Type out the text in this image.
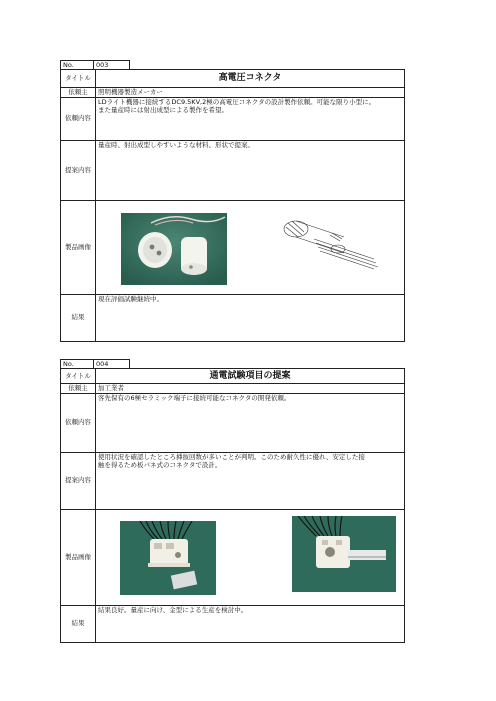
No.	003
タイトル	高電圧コネクタ
依頼主	照明機器製造メーカー
依頼内容	LDライト機器に接続するDC9.5KV,2極の高電圧コネクタの設計製作依頼。可能な限り小型に。
また量産時には射出成型による製作を希望。

提案内容	量産時、射出成型しやすいような材料、形状で提案。

製品画像	

結果	現在評価試験継続中。
No.	004
タイトル	通電試験項目の提案
依頼主	加工業者
依頼内容	客先保有の6極セラミック端子に接続可能なコネクタの開発依頼。

提案内容	使用状況を確認したところ挿抜回数が多いことが判明。このため耐久性に優れ、安定した接
触を得るため板バネ式のコネクタで設計。

製品画像	

結果	結果良好。量産に向け、金型による生産を検討中。
